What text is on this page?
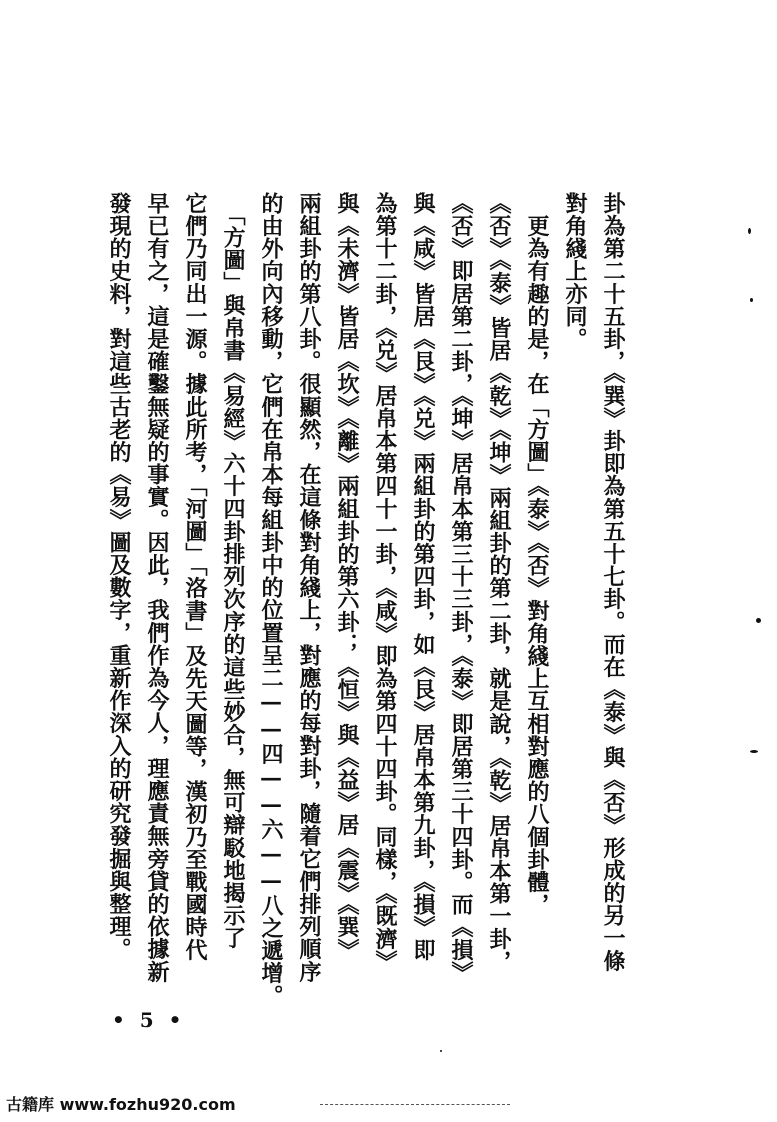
卦為第二十五卦，《巽》卦即為第五十七卦。而在《泰》與《否》形成的另一條
對角綫上亦同。
　更為有趣的是，在「方圖」《泰》《否》對角綫上互相對應的八個卦體，
《否》《泰》皆居《乾》《坤》兩組卦的第二卦，就是說，《乾》居帛本第一卦，
《否》即居第二卦，《坤》居帛本第三十三卦，《泰》即居第三十四卦。而《損》
與《咸》皆居《艮》《兑》兩組卦的第四卦，如《艮》居帛本第九卦，《損》即
為第十二卦，《兑》居帛本第四十一卦，《咸》即為第四十四卦。同樣，《既濟》
與《未濟》皆居《坎》《離》兩組卦的第六卦；《恒》與《益》居《震》《巽》
兩組卦的第八卦。很顯然，在這條對角綫上，對應的每對卦，隨着它們排列順序
的由外向內移動，它們在帛本每組卦中的位置呈二——四——六——八之遞增。
　「方圖」與帛書《易經》六十四卦排列次序的這些妙合，無可辯駁地揭示了
它們乃同出一源。據此所考，「河圖」「洛書」及先天圖等，漢初乃至戰國時代
早已有之，這是確鑿無疑的事實。因此，我們作為今人，理應責無旁貸的依據新
發現的史料，對這些古老的《易》圖及數字，重新作深入的研究發掘與整理。
• 5 •
古籍库 www.fozhu920.com
